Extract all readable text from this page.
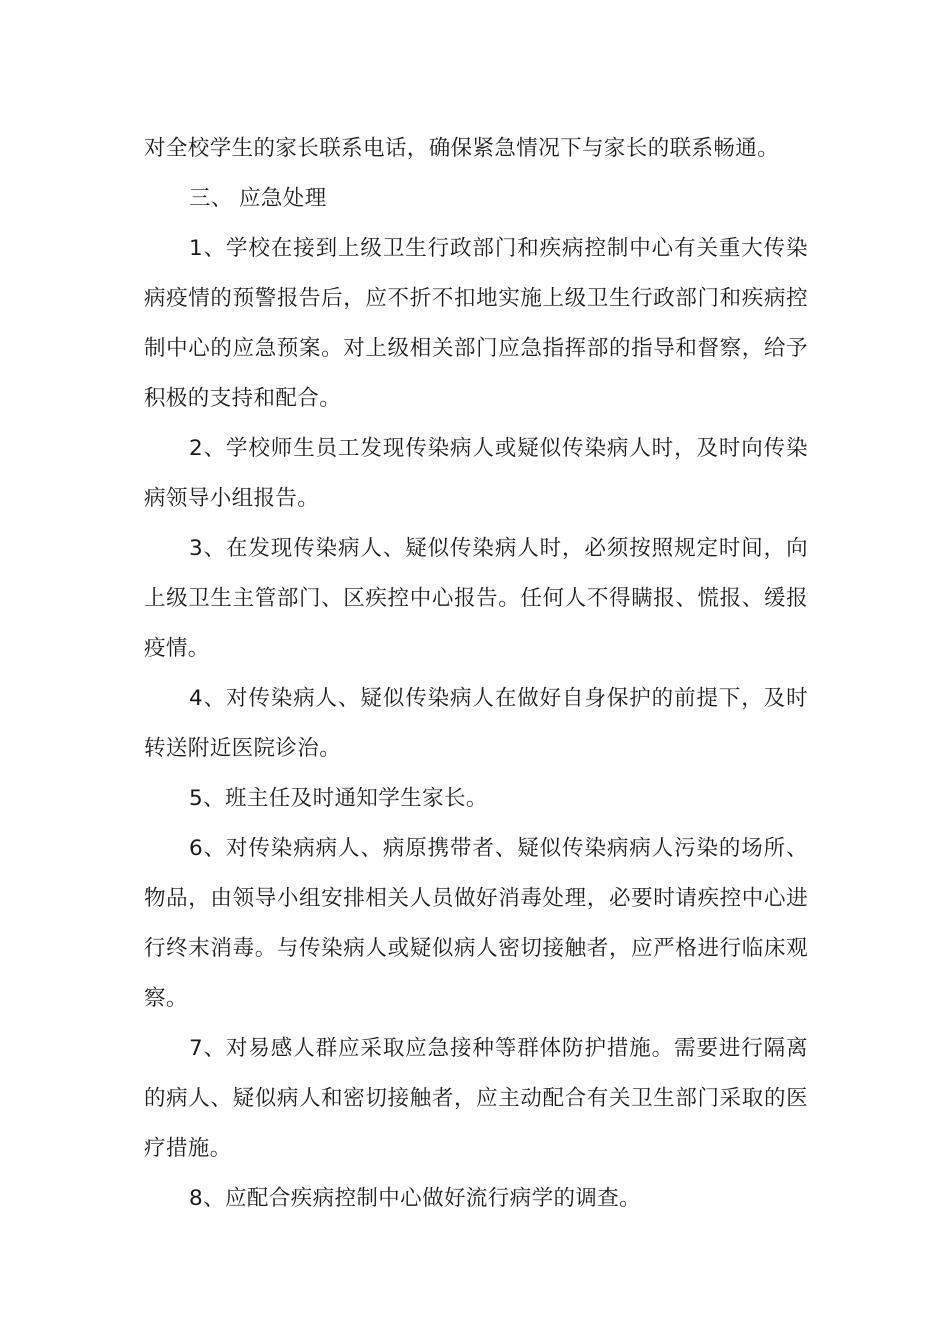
对全校学生的家长联系电话，确保紧急情况下与家长的联系畅通。

三、 应急处理

1、学校在接到上级卫生行政部门和疾病控制中心有关重大传染病疫情的预警报告后，应不折不扣地实施上级卫生行政部门和疾病控制中心的应急预案。对上级相关部门应急指挥部的指导和督察，给予积极的支持和配合。

2、学校师生员工发现传染病人或疑似传染病人时，及时向传染病领导小组报告。

3、在发现传染病人、疑似传染病人时，必须按照规定时间，向上级卫生主管部门、区疾控中心报告。任何人不得瞒报、慌报、缓报疫情。

4、对传染病人、疑似传染病人在做好自身保护的前提下，及时转送附近医院诊治。

5、班主任及时通知学生家长。

6、对传染病病人、病原携带者、疑似传染病病人污染的场所、物品，由领导小组安排相关人员做好消毒处理，必要时请疾控中心进行终末消毒。与传染病人或疑似病人密切接触者，应严格进行临床观察。

7、对易感人群应采取应急接种等群体防护措施。需要进行隔离的病人、疑似病人和密切接触者，应主动配合有关卫生部门采取的医疗措施。

8、应配合疾病控制中心做好流行病学的调查。
